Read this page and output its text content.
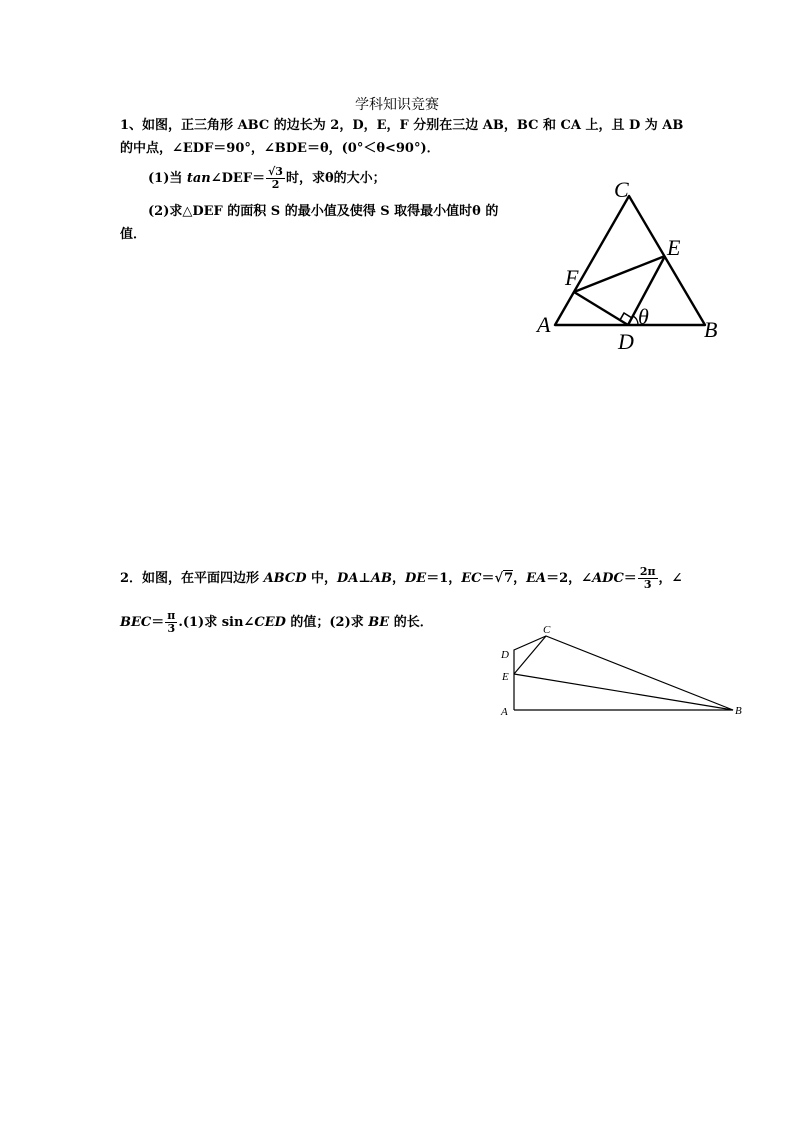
学科知识竞赛
1、如图，正三角形 ABC 的边长为 2，D，E，F 分别在三边 AB，BC 和 CA 上，且 D 为 AB
的中点，∠EDF＝90°，∠BDE＝θ，(0°＜θ<90°)．
(1)当 tan∠DEF＝ $\frac{√3}{2}$ 时，求θ的大小；
(2)求△DEF 的面积 S 的最小值及使得 S 取得最小值时θ 的
值．
C
E
F
A	B
D
θ
2．如图，在平面四边形 ABCD 中，DA⊥AB，DE＝1，EC＝√7，EA＝2，∠ADC＝ $\frac{2\pi}{3}$ ，∠
$BEC= \frac{\pi}{3} .(1)$求 sin∠CED 的值；(2)求 BE 的长．	C
D
E
A	B
